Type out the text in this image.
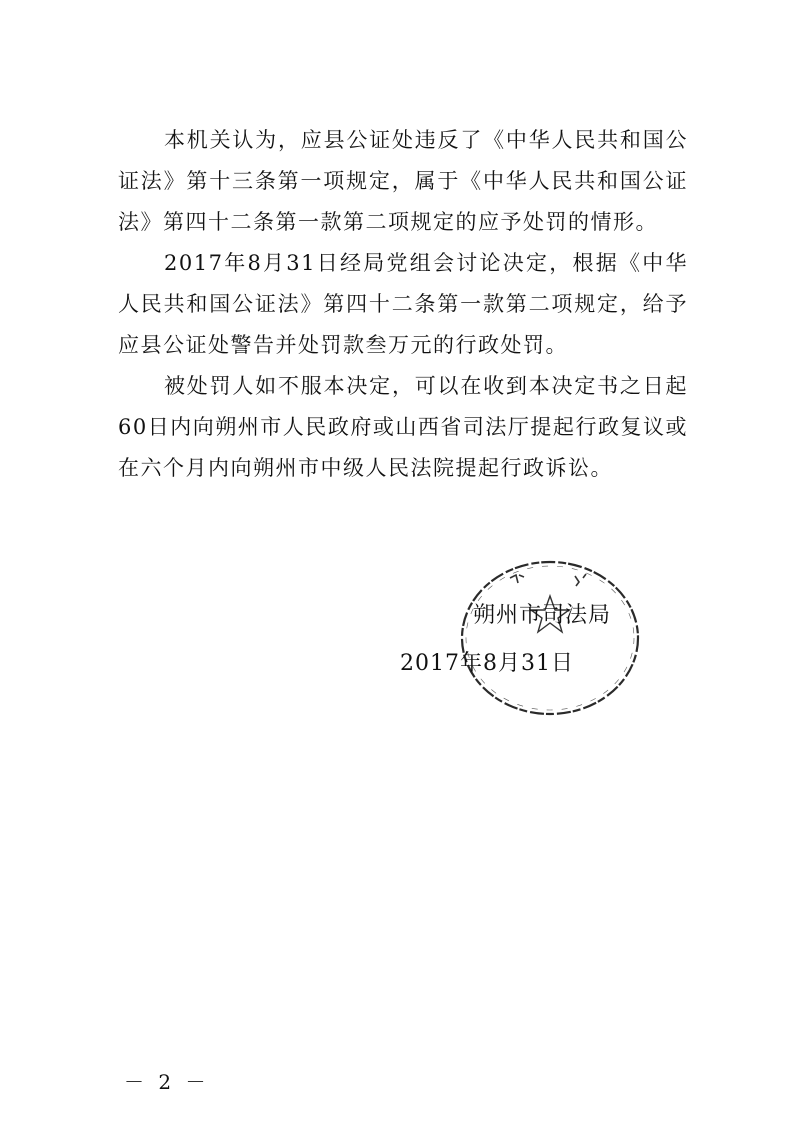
本机关认为，应县公证处违反了《中华人民共和国公证法》第十三条第一项规定，属于《中华人民共和国公证法》第四十二条第一款第二项规定的应予处罚的情形。

2017年8月31日经局党组会讨论决定，根据《中华人民共和国公证法》第四十二条第一款第二项规定，给予应县公证处警告并处罚款叁万元的行政处罚。

被处罚人如不服本决定，可以在收到本决定书之日起60日内向朔州市人民政府或山西省司法厅提起行政复议或在六个月内向朔州市中级人民法院提起行政诉讼。

朔州市司法局
2017年8月31日
－ 2 －
